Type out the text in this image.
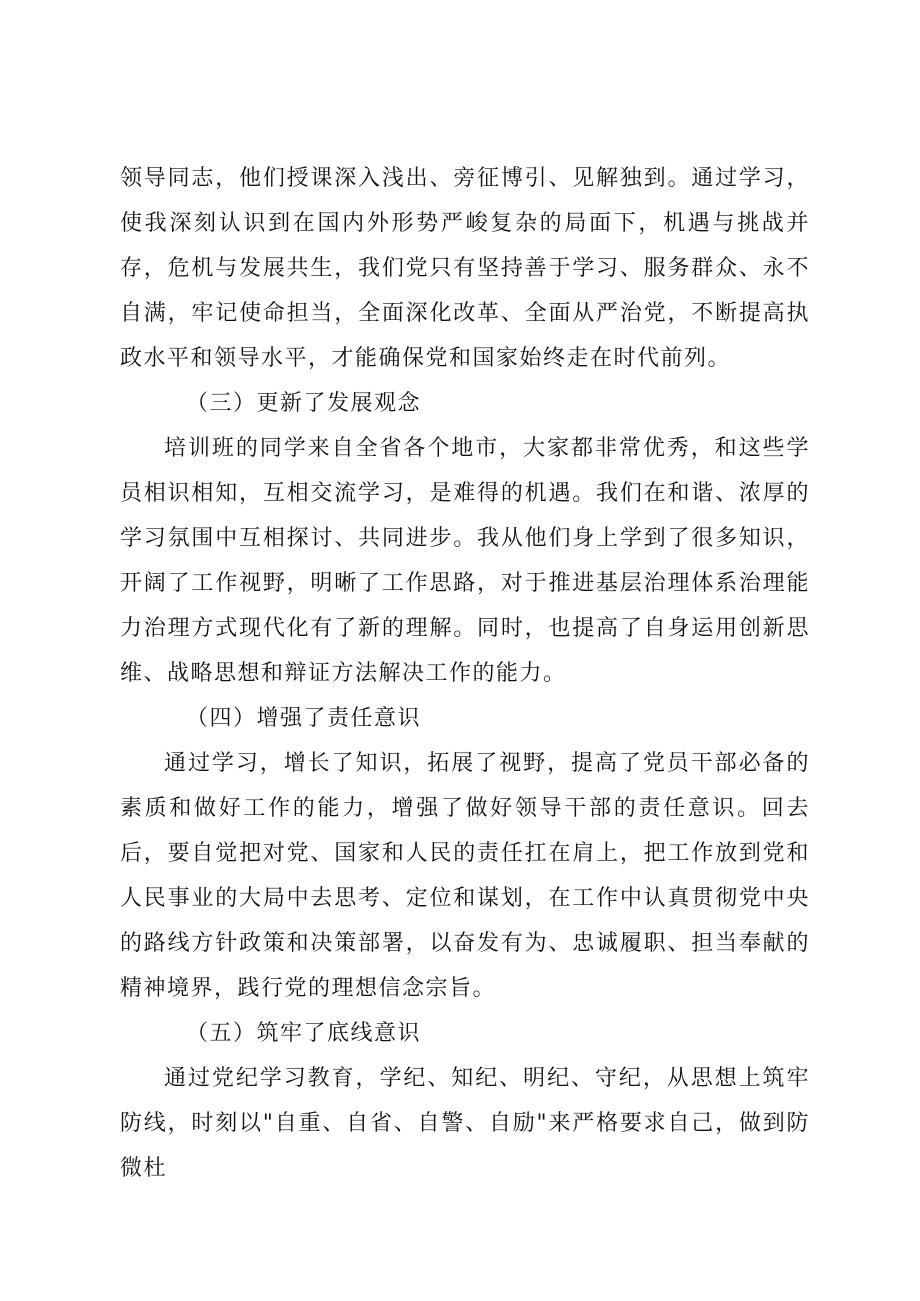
领导同志，他们授课深入浅出、旁征博引、见解独到。通过学习，使我深刻认识到在国内外形势严峻复杂的局面下，机遇与挑战并存，危机与发展共生，我们党只有坚持善于学习、服务群众、永不自满，牢记使命担当，全面深化改革、全面从严治党，不断提高执政水平和领导水平，才能确保党和国家始终走在时代前列。

（三）更新了发展观念

培训班的同学来自全省各个地市，大家都非常优秀，和这些学员相识相知，互相交流学习，是难得的机遇。我们在和谐、浓厚的学习氛围中互相探讨、共同进步。我从他们身上学到了很多知识，开阔了工作视野，明晰了工作思路，对于推进基层治理体系治理能力治理方式现代化有了新的理解。同时，也提高了自身运用创新思维、战略思想和辩证方法解决工作的能力。

（四）增强了责任意识

通过学习，增长了知识，拓展了视野，提高了党员干部必备的素质和做好工作的能力，增强了做好领导干部的责任意识。回去后，要自觉把对党、国家和人民的责任扛在肩上，把工作放到党和人民事业的大局中去思考、定位和谋划，在工作中认真贯彻党中央的路线方针政策和决策部署，以奋发有为、忠诚履职、担当奉献的精神境界，践行党的理想信念宗旨。

（五）筑牢了底线意识

通过党纪学习教育，学纪、知纪、明纪、守纪，从思想上筑牢防线，时刻以"自重、自省、自警、自励"来严格要求自己，做到防微杜
